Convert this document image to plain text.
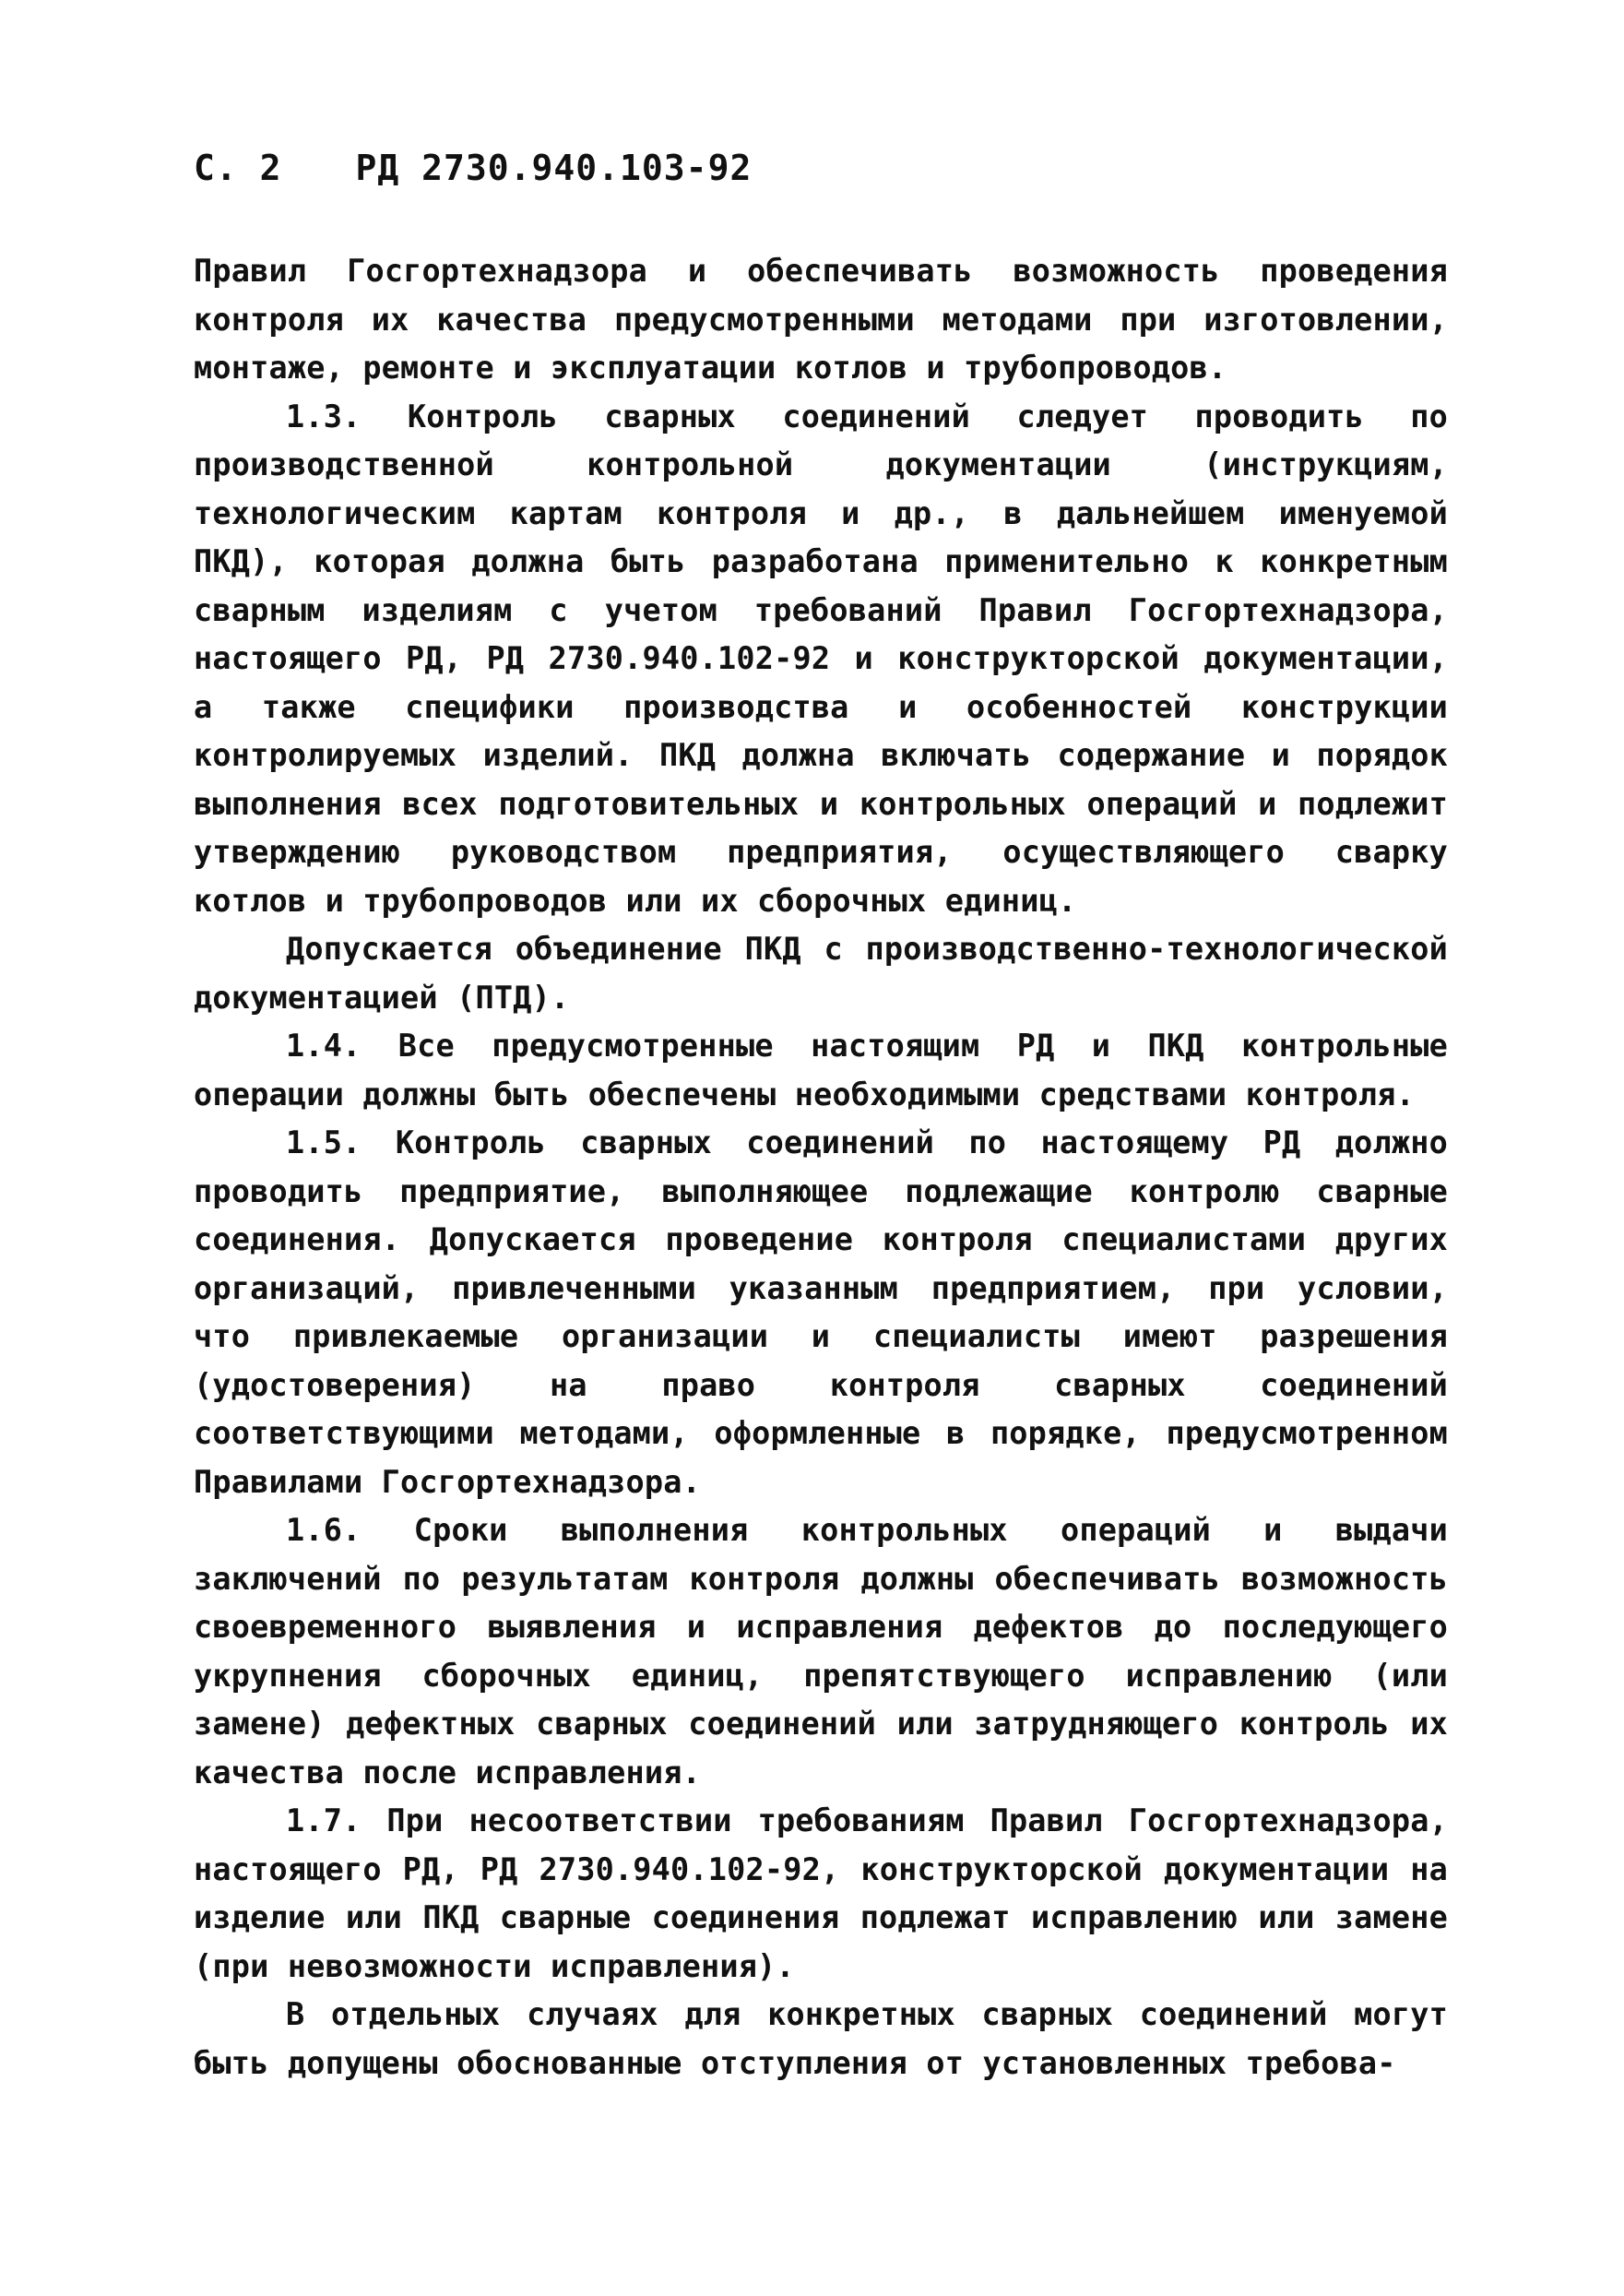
С. 2 РД 2730.940.103-92

Правил Госгортехнадзора и обеспечивать возможность проведения контроля их качества предусмотренными методами при изготовлении, монтаже, ремонте и эксплуатации котлов и трубопроводов.

1.3. Контроль сварных соединений следует проводить по производственной контрольной документации (инструкциям, технологическим картам контроля и др., в дальнейшем именуемой ПКД), которая должна быть разработана применительно к конкретным сварным изделиям с учетом требований Правил Госгортехнадзора, настоящего РД, РД 2730.940.102-92 и конструкторской документации, а также специфики производства и особенностей конструкции контролируемых изделий. ПКД должна включать содержание и порядок выполнения всех подготовительных и контрольных операций и подлежит утверждению руководством предприятия, осуществляющего сварку котлов и трубопроводов или их сборочных единиц.

Допускается объединение ПКД с производственно-технологической документацией (ПТД).

1.4. Все предусмотренные настоящим РД и ПКД контрольные операции должны быть обеспечены необходимыми средствами контроля.

1.5. Контроль сварных соединений по настоящему РД должно проводить предприятие, выполняющее подлежащие контролю сварные соединения. Допускается проведение контроля специалистами других организаций, привлеченными указанным предприятием, при условии, что привлекаемые организации и специалисты имеют разрешения (удостоверения) на право контроля сварных соединений соответствующими методами, оформленные в порядке, предусмотренном Правилами Госгортехнадзора.

1.6. Сроки выполнения контрольных операций и выдачи заключений по результатам контроля должны обеспечивать возможность своевременного выявления и исправления дефектов до последующего укрупнения сборочных единиц, препятствующего исправлению (или замене) дефектных сварных соединений или затрудняющего контроль их качества после исправления.

1.7. При несоответствии требованиям Правил Госгортехнадзора, настоящего РД, РД 2730.940.102-92, конструкторской документации на изделие или ПКД сварные соединения подлежат исправлению или замене (при невозможности исправления).

В отдельных случаях для конкретных сварных соединений могут быть допущены обоснованные отступления от установленных требова-
